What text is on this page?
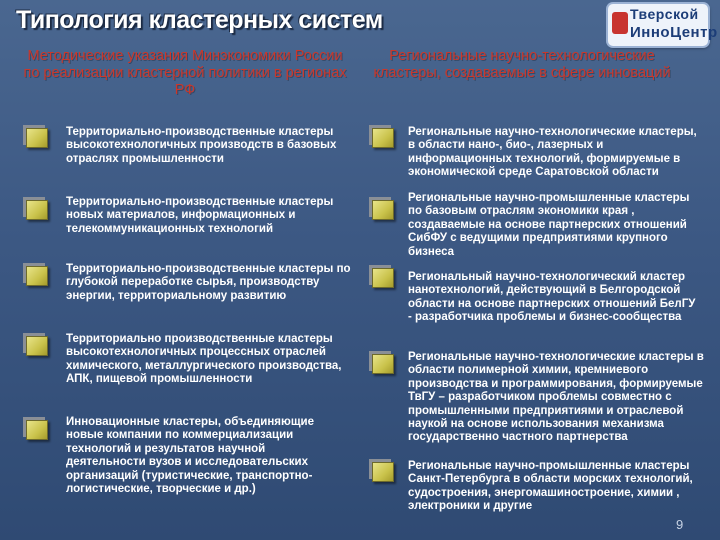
Типология кластерных систем	Тверской
ИнноЦентр
Методические указания Минэкономики России по реализации кластерной политики в регионах РФ
Региональные научно-технологические кластеры, создаваемые в сфере инноваций
Территориально-производственные кластеры высокотехнологичных производств в базовых отраслях промышленности
Территориально-производственные кластеры новых материалов, информационных и телекоммуникационных технологий
Территориально-производственные кластеры по глубокой переработке сырья, производству энергии, территориальному развитию
Территориально производственные кластеры высокотехнологичных процессных отраслей химического, металлургического производства, АПК, пищевой промышленности
Инновационные кластеры, объединяющие новые компании по коммерциализации технологий и результатов научной деятельности вузов и исследовательских организаций (туристические, транспортно-логистические, творческие и др.)
Региональные научно-технологические кластеры, в области нано-, био-, лазерных и информационных технологий, формируемые в экономической среде Саратовской области
Региональные научно-промышленные кластеры по базовым отраслям экономики края , создаваемые на основе партнерских отношений СибФУ с ведущими предприятиями крупного бизнеса
Региональный научно-технологический кластер нанотехнологий, действующий в Белгородской области на основе партнерских отношений БелГУ - разработчика проблемы и бизнес-сообщества
Региональные научно-технологические кластеры в области полимерной химии, кремниевого производства и программирования, формируемые ТвГУ – разработчиком проблемы совместно с промышленными предприятиями и отраслевой наукой на основе использования механизма государственно частного партнерства
Региональные научно-промышленные кластеры Санкт-Петербурга в области морских технологий, судостроения, энергомашиностроение, химии , электроники и другие
9
